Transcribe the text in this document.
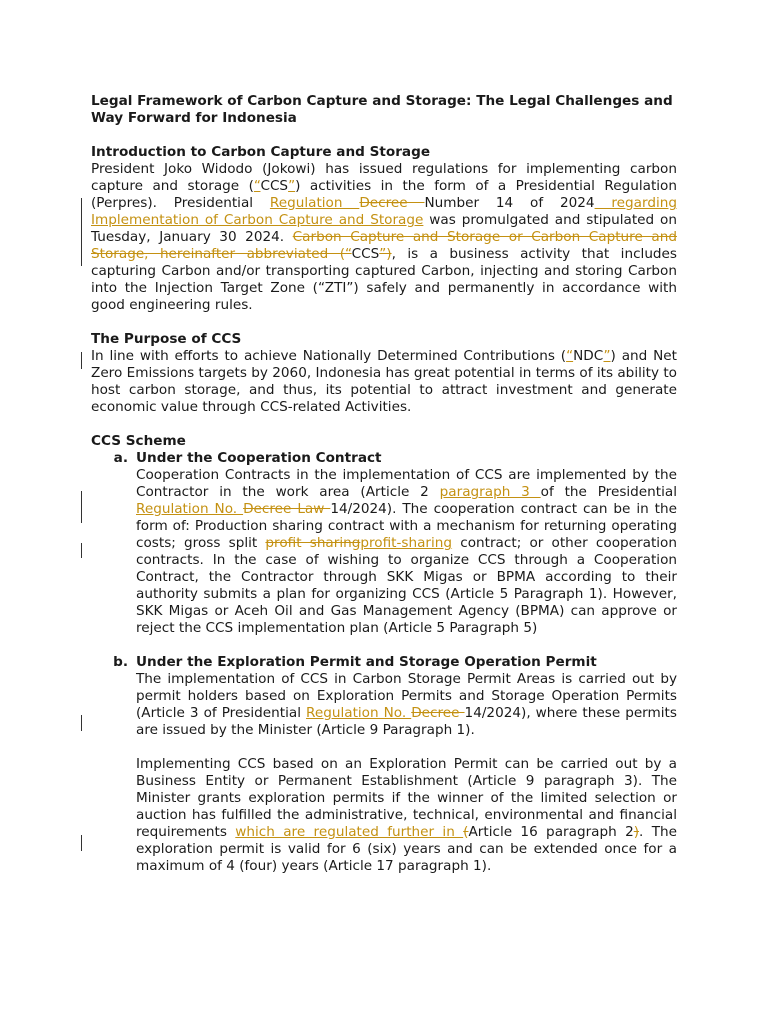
Legal Framework of Carbon Capture and Storage: The Legal Challenges and Way Forward for Indonesia

Introduction to Carbon Capture and Storage

President Joko Widodo (Jokowi) has issued regulations for implementing carbon capture and storage (“CCS”) activities in the form of a Presidential Regulation (Perpres). Presidential Regulation Decree Number 14 of 2024 regarding Implementation of Carbon Capture and Storage was promulgated and stipulated on Tuesday, January 30 2024. Carbon Capture and Storage or Carbon Capture and Storage, hereinafter abbreviated (“CCS”), is a business activity that includes capturing Carbon and/or transporting captured Carbon, injecting and storing Carbon into the Injection Target Zone (“ZTI”) safely and permanently in accordance with good engineering rules.

The Purpose of CCS

In line with efforts to achieve Nationally Determined Contributions (“NDC”) and Net Zero Emissions targets by 2060, Indonesia has great potential in terms of its ability to host carbon storage, and thus, its potential to attract investment and generate economic value through CCS-related Activities.

CCS Scheme

a. Under the Cooperation Contract

Cooperation Contracts in the implementation of CCS are implemented by the Contractor in the work area (Article 2 paragraph 3 of the Presidential Regulation No. Decree Law 14/2024). The cooperation contract can be in the form of: Production sharing contract with a mechanism for returning operating costs; gross split profit sharingprofit-sharing contract; or other cooperation contracts. In the case of wishing to organize CCS through a Cooperation Contract, the Contractor through SKK Migas or BPMA according to their authority submits a plan for organizing CCS (Article 5 Paragraph 1). However, SKK Migas or Aceh Oil and Gas Management Agency (BPMA) can approve or reject the CCS implementation plan (Article 5 Paragraph 5)

b. Under the Exploration Permit and Storage Operation Permit

The implementation of CCS in Carbon Storage Permit Areas is carried out by permit holders based on Exploration Permits and Storage Operation Permits (Article 3 of Presidential Regulation No. Decree 14/2024), where these permits are issued by the Minister (Article 9 Paragraph 1).

Implementing CCS based on an Exploration Permit can be carried out by a Business Entity or Permanent Establishment (Article 9 paragraph 3). The Minister grants exploration permits if the winner of the limited selection or auction has fulfilled the administrative, technical, environmental and financial requirements which are regulated further in (Article 16 paragraph 2). The exploration permit is valid for 6 (six) years and can be extended once for a maximum of 4 (four) years (Article 17 paragraph 1).
